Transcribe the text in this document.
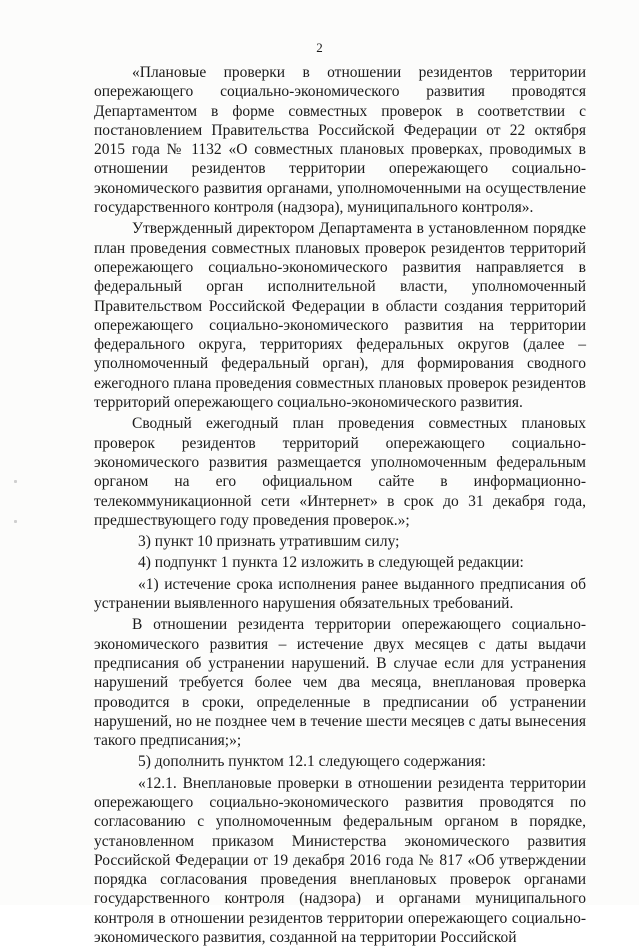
2

«Плановые проверки в отношении резидентов территории опережающего социально-экономического развития проводятся Департаментом в форме совместных проверок в соответствии с постановлением Правительства Российской Федерации от 22 октября 2015 года № 1132 «О совместных плановых проверках, проводимых в отношении резидентов территории опережающего социально-экономического развития органами, уполномоченными на осуществление государственного контроля (надзора), муниципального контроля».

Утвержденный директором Департамента в установленном порядке план проведения совместных плановых проверок резидентов территорий опережающего социально-экономического развития направляется в федеральный орган исполнительной власти, уполномоченный Правительством Российской Федерации в области создания территорий опережающего социально-экономического развития на территории федерального округа, территориях федеральных округов (далее – уполномоченный федеральный орган), для формирования сводного ежегодного плана проведения совместных плановых проверок резидентов территорий опережающего социально-экономического развития.

Сводный ежегодный план проведения совместных плановых проверок резидентов территорий опережающего социально-экономического развития размещается уполномоченным федеральным органом на его официальном сайте в информационно-телекоммуникационной сети «Интернет» в срок до 31 декабря года, предшествующего году проведения проверок.»;

3) пункт 10 признать утратившим силу;

4) подпункт 1 пункта 12 изложить в следующей редакции:

«1) истечение срока исполнения ранее выданного предписания об устранении выявленного нарушения обязательных требований.

В отношении резидента территории опережающего социально-экономического развития – истечение двух месяцев с даты выдачи предписания об устранении нарушений. В случае если для устранения нарушений требуется более чем два месяца, внеплановая проверка проводится в сроки, определенные в предписании об устранении нарушений, но не позднее чем в течение шести месяцев с даты вынесения такого предписания;»;

5) дополнить пунктом 12.1 следующего содержания:

«12.1. Внеплановые проверки в отношении резидента территории опережающего социально-экономического развития проводятся по согласованию с уполномоченным федеральным органом в порядке, установленном приказом Министерства экономического развития Российской Федерации от 19 декабря 2016 года № 817 «Об утверждении порядка согласования проведения внеплановых проверок органами государственного контроля (надзора) и органами муниципального контроля в отношении резидентов территории опережающего социально-экономического развития, созданной на территории Российской
